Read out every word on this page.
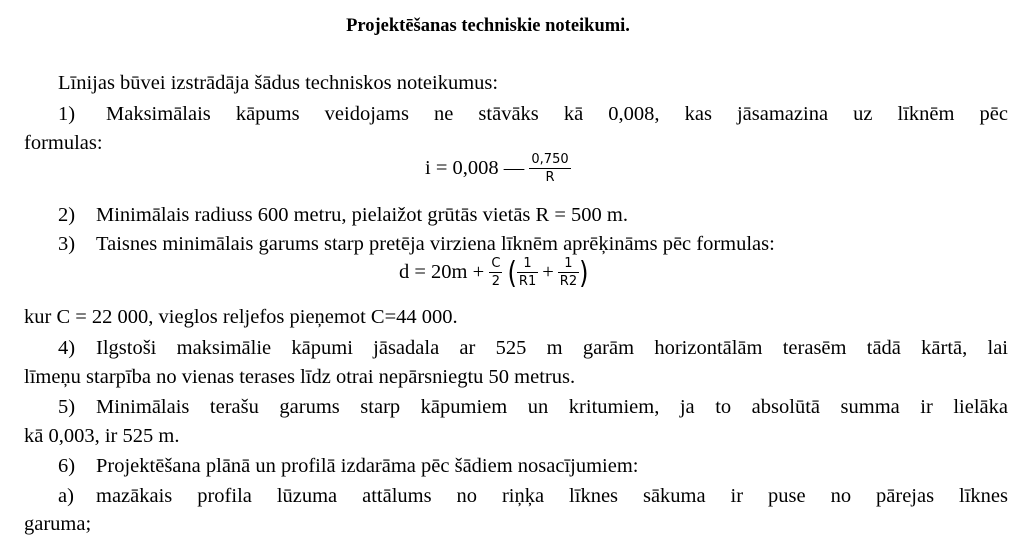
Projektēšanas techniskie noteikumi.
Līnijas būvei izstrādāja šādus techniskos noteikumus:
1) Maksimālais kāpums veidojams ne stāvāks kā 0,008, kas jāsamazina uz līknēm pēc
formulas:
i = 0,008 — $\frac{0,750}{R}$
2) Minimālais radiuss 600 metru, pielaižot grūtās vietās R = 500 m.
3) Taisnes minimālais garums starp pretēja virziena līknēm aprēķināms pēc formulas:
$d = 20m + \frac{C}{2}$ ( $\frac{1}{R1} + \frac{1}{R2}$ )
kur C = 22 000, vieglos reljefos pieņemot C=44 000.
4) Ilgstoši maksimālie kāpumi jāsadala ar 525 m garām horizontālām terasēm tādā kārtā, lai
līmeņu starpība no vienas terases līdz otrai nepārsniegtu 50 metrus.
5) Minimālais terašu garums starp kāpumiem un kritumiem, ja to absolūtā summa ir lielāka
kā 0,003, ir 525 m.
6) Projektēšana plānā un profilā izdarāma pēc šādiem nosacījumiem:
a) mazākais profila lūzuma attālums no riņķa līknes sākuma ir puse no pārejas līknes
garuma;
